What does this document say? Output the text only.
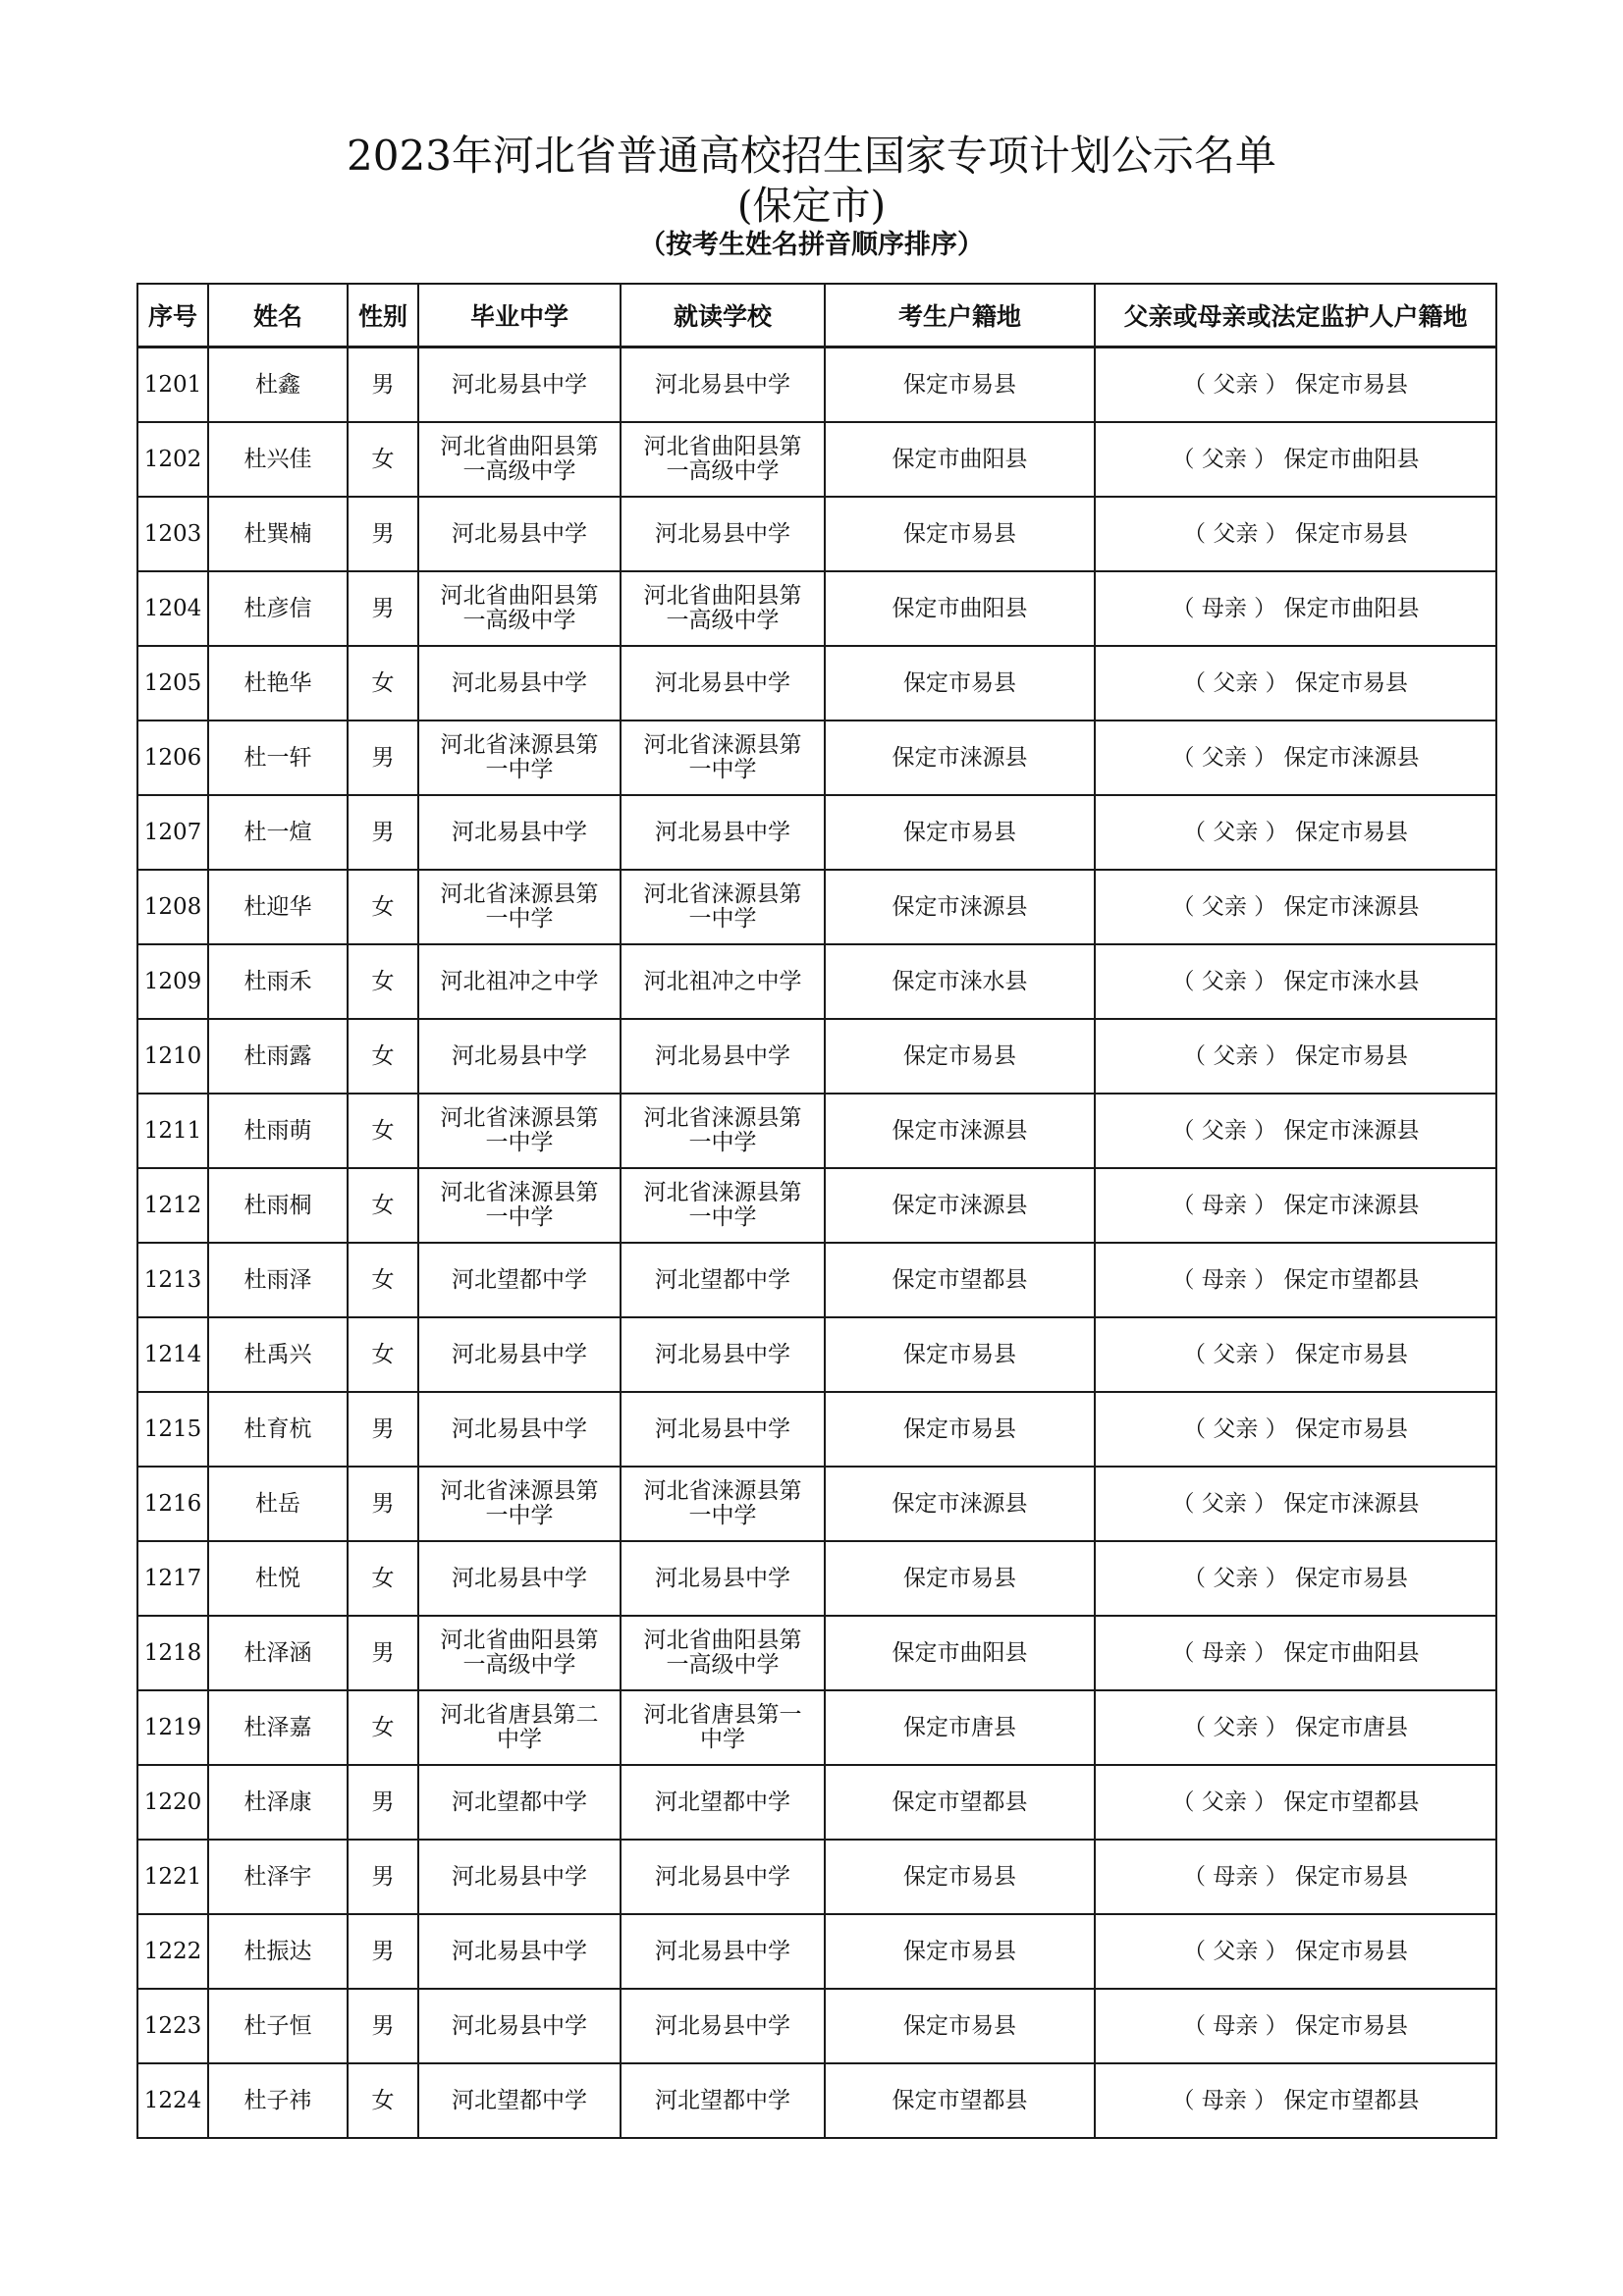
2023年河北省普通高校招生国家专项计划公示名单
(保定市)
（按考生姓名拼音顺序排序）
序号	姓名	性别	毕业中学	就读学校	考生户籍地	父亲或母亲或法定监护人户籍地
1201	杜鑫	男	河北易县中学	河北易县中学	保定市易县	（ 父亲 ） 保定市易县
1202	杜兴佳	女	河北省曲阳县第一高级中学	河北省曲阳县第一高级中学	保定市曲阳县	（ 父亲 ） 保定市曲阳县
1203	杜巽楠	男	河北易县中学	河北易县中学	保定市易县	（ 父亲 ） 保定市易县
1204	杜彦信	男	河北省曲阳县第一高级中学	河北省曲阳县第一高级中学	保定市曲阳县	（ 母亲 ） 保定市曲阳县
1205	杜艳华	女	河北易县中学	河北易县中学	保定市易县	（ 父亲 ） 保定市易县
1206	杜一轩	男	河北省涞源县第一中学	河北省涞源县第一中学	保定市涞源县	（ 父亲 ） 保定市涞源县
1207	杜一煊	男	河北易县中学	河北易县中学	保定市易县	（ 父亲 ） 保定市易县
1208	杜迎华	女	河北省涞源县第一中学	河北省涞源县第一中学	保定市涞源县	（ 父亲 ） 保定市涞源县
1209	杜雨禾	女	河北祖冲之中学	河北祖冲之中学	保定市涞水县	（ 父亲 ） 保定市涞水县
1210	杜雨露	女	河北易县中学	河北易县中学	保定市易县	（ 父亲 ） 保定市易县
1211	杜雨萌	女	河北省涞源县第一中学	河北省涞源县第一中学	保定市涞源县	（ 父亲 ） 保定市涞源县
1212	杜雨桐	女	河北省涞源县第一中学	河北省涞源县第一中学	保定市涞源县	（ 母亲 ） 保定市涞源县
1213	杜雨泽	女	河北望都中学	河北望都中学	保定市望都县	（ 母亲 ） 保定市望都县
1214	杜禹兴	女	河北易县中学	河北易县中学	保定市易县	（ 父亲 ） 保定市易县
1215	杜育杭	男	河北易县中学	河北易县中学	保定市易县	（ 父亲 ） 保定市易县
1216	杜岳	男	河北省涞源县第一中学	河北省涞源县第一中学	保定市涞源县	（ 父亲 ） 保定市涞源县
1217	杜悦	女	河北易县中学	河北易县中学	保定市易县	（ 父亲 ） 保定市易县
1218	杜泽涵	男	河北省曲阳县第一高级中学	河北省曲阳县第一高级中学	保定市曲阳县	（ 母亲 ） 保定市曲阳县
1219	杜泽嘉	女	河北省唐县第二中学	河北省唐县第一中学	保定市唐县	（ 父亲 ） 保定市唐县
1220	杜泽康	男	河北望都中学	河北望都中学	保定市望都县	（ 父亲 ） 保定市望都县
1221	杜泽宇	男	河北易县中学	河北易县中学	保定市易县	（ 母亲 ） 保定市易县
1222	杜振达	男	河北易县中学	河北易县中学	保定市易县	（ 父亲 ） 保定市易县
1223	杜子恒	男	河北易县中学	河北易县中学	保定市易县	（ 母亲 ） 保定市易县
1224	杜子祎	女	河北望都中学	河北望都中学	保定市望都县	（ 母亲 ） 保定市望都县
